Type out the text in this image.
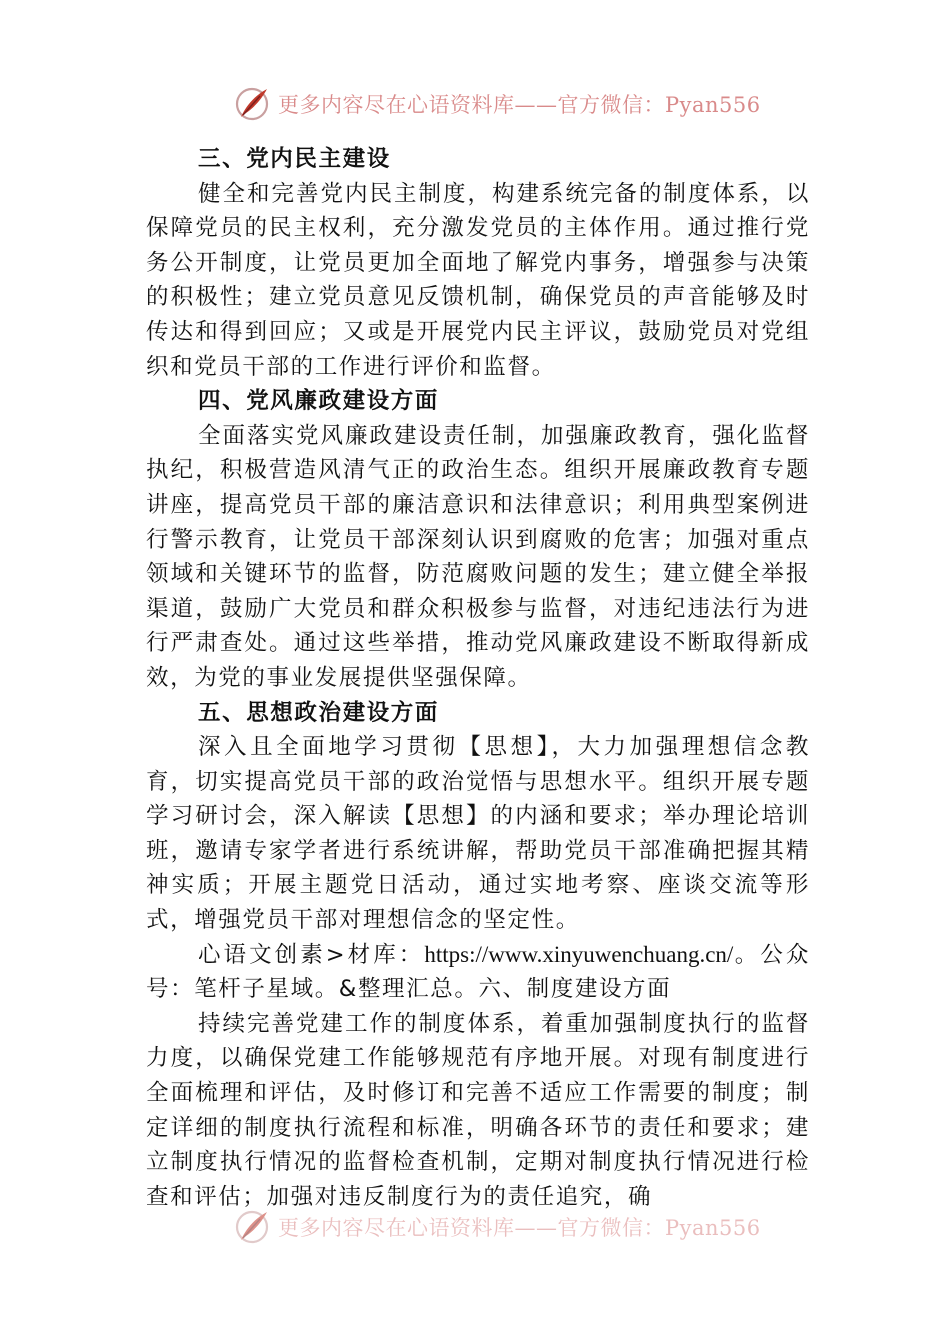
更多内容尽在心语资料库——官方微信：Pyan556
三、党内民主建设

健全和完善党内民主制度，构建系统完备的制度体系，以保障党员的民主权利，充分激发党员的主体作用。通过推行党务公开制度，让党员更加全面地了解党内事务，增强参与决策的积极性；建立党员意见反馈机制，确保党员的声音能够及时传达和得到回应；又或是开展党内民主评议，鼓励党员对党组织和党员干部的工作进行评价和监督。

四、党风廉政建设方面

全面落实党风廉政建设责任制，加强廉政教育，强化监督执纪，积极营造风清气正的政治生态。组织开展廉政教育专题讲座，提高党员干部的廉洁意识和法律意识；利用典型案例进行警示教育，让党员干部深刻认识到腐败的危害；加强对重点领域和关键环节的监督，防范腐败问题的发生；建立健全举报渠道，鼓励广大党员和群众积极参与监督，对违纪违法行为进行严肃查处。通过这些举措，推动党风廉政建设不断取得新成效，为党的事业发展提供坚强保障。

五、思想政治建设方面

深入且全面地学习贯彻【思想】，大力加强理想信念教育，切实提高党员干部的政治觉悟与思想水平。组织开展专题学习研讨会，深入解读【思想】的内涵和要求；举办理论培训班，邀请专家学者进行系统讲解，帮助党员干部准确把握其精神实质；开展主题党日活动，通过实地考察、座谈交流等形式，增强党员干部对理想信念的坚定性。

心语文创素>材库：https://www.xinyuwenchuang.cn/。公众号：笔杆子星域。&整理汇总。六、制度建设方面

持续完善党建工作的制度体系，着重加强制度执行的监督力度，以确保党建工作能够规范有序地开展。对现有制度进行全面梳理和评估，及时修订和完善不适应工作需要的制度；制定详细的制度执行流程和标准，明确各环节的责任和要求；建立制度执行情况的监督检查机制，定期对制度执行情况进行检查和评估；加强对违反制度行为的责任追究，确

更多内容尽在心语资料库——官方微信：Pyan556
